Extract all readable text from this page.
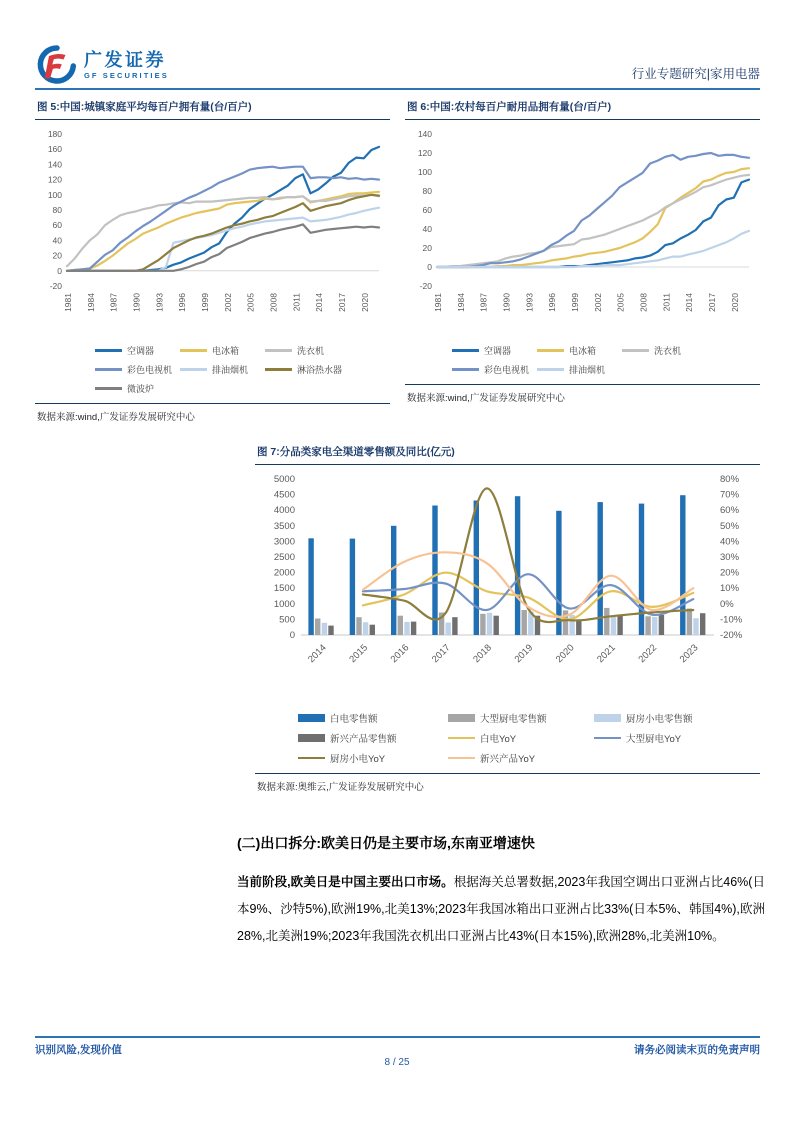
广发证券
GF SECURITIES	行业专题研究|家用电器
图 5:中国:城镇家庭平均每百户拥有量(台/百户)
-20
0
20
40
60
80
100
120
140
160
180
1981 1984 1987 1990 1993 1996 1999 2002 2005 2008 2011 2014 2017 2020
空调器	电冰箱	洗衣机
彩色电视机	排油烟机	淋浴热水器
微波炉
数据来源:wind,广发证券发展研究中心
图 6:中国:农村每百户耐用品拥有量(台/百户)
-20
0
20
40
60
80
100
120
140
1981 1984 1987 1990 1993 1996 1999 2002 2005 2008 2011 2014 2017 2020
空调器	电冰箱	洗衣机
彩色电视机	排油烟机
数据来源:wind,广发证券发展研究中心
图 7:分品类家电全渠道零售额及同比(亿元)
0
500
1000
1500
2000
2500
3000
3500
4000
4500
5000
-20%
-10%
0%
10%
20%
30%
40%
50%
60%
70%
80%
2014 2015 2016 2017 2018 2019 2020 2021 2022 2023
白电零售额	大型厨电零售额	厨房小电零售额
新兴产品零售额	白电YoY	大型厨电YoY
厨房小电YoY	新兴产品YoY
数据来源:奥维云,广发证券发展研究中心
(二)出口拆分:欧美日仍是主要市场,东南亚增速快

当前阶段,欧美日是中国主要出口市场。根据海关总署数据,2023年我国空调出口亚洲占比46%(日本9%、沙特5%),欧洲19%,北美13%;2023年我国冰箱出口亚洲占比33%(日本5%、韩国4%),欧洲28%,北美洲19%;2023年我国洗衣机出口亚洲占比43%(日本15%),欧洲28%,北美洲10%。

识别风险,发现价值	请务必阅读末页的免责声明
8 / 25
